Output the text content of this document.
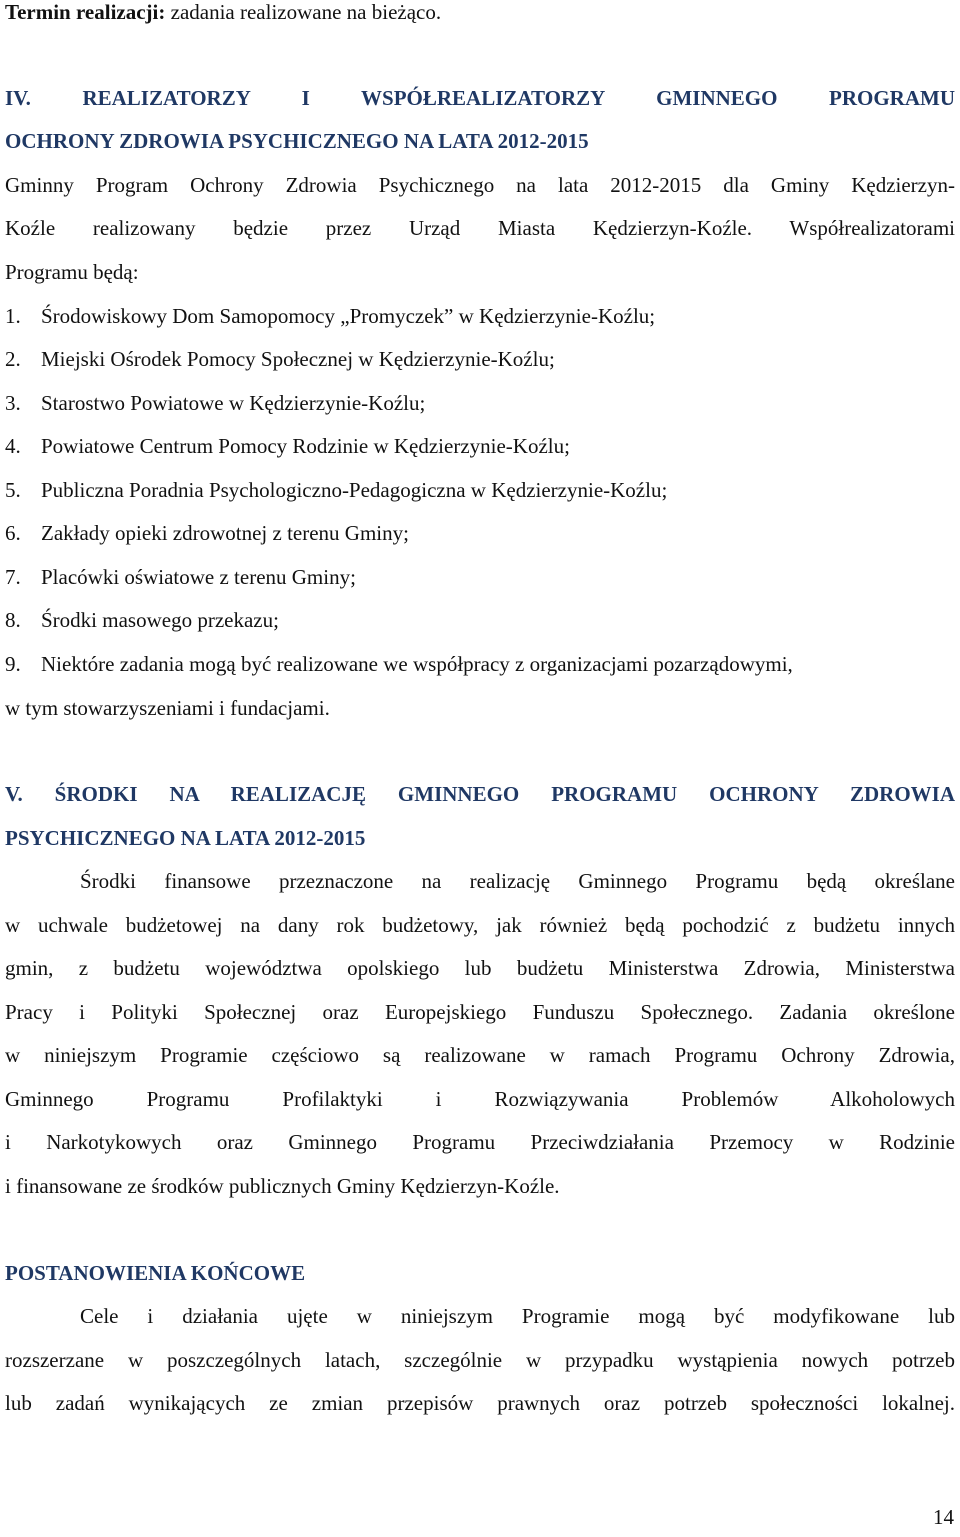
Termin realizacji: zadania realizowane na bieżąco.
IV. REALIZATORZY I WSPÓŁREALIZATORZY GMINNEGO PROGRAMU
OCHRONY ZDROWIA PSYCHICZNEGO NA LATA 2012-2015
Gminny Program Ochrony Zdrowia Psychicznego na lata 2012-2015 dla Gminy Kędzierzyn-
Koźle realizowany będzie przez Urząd Miasta Kędzierzyn-Koźle. Współrealizatorami
Programu będą:
1. Środowiskowy Dom Samopomocy „Promyczek” w Kędzierzynie-Koźlu;
2. Miejski Ośrodek Pomocy Społecznej w Kędzierzynie-Koźlu;
3. Starostwo Powiatowe w Kędzierzynie-Koźlu;
4. Powiatowe Centrum Pomocy Rodzinie w Kędzierzynie-Koźlu;
5. Publiczna Poradnia Psychologiczno-Pedagogiczna w Kędzierzynie-Koźlu;
6. Zakłady opieki zdrowotnej z terenu Gminy;
7. Placówki oświatowe z terenu Gminy;
8. Środki masowego przekazu;
9. Niektóre zadania mogą być realizowane we współpracy z organizacjami pozarządowymi,
w tym stowarzyszeniami i fundacjami.
V. ŚRODKI NA REALIZACJĘ GMINNEGO PROGRAMU OCHRONY ZDROWIA
PSYCHICZNEGO NA LATA 2012-2015
Środki finansowe przeznaczone na realizację Gminnego Programu będą określane
w uchwale budżetowej na dany rok budżetowy, jak również będą pochodzić z budżetu innych
gmin, z budżetu województwa opolskiego lub budżetu Ministerstwa Zdrowia, Ministerstwa
Pracy i Polityki Społecznej oraz Europejskiego Funduszu Społecznego. Zadania określone
w niniejszym Programie częściowo są realizowane w ramach Programu Ochrony Zdrowia,
Gminnego Programu Profilaktyki i Rozwiązywania Problemów Alkoholowych
i Narkotykowych oraz Gminnego Programu Przeciwdziałania Przemocy w Rodzinie
i finansowane ze środków publicznych Gminy Kędzierzyn-Koźle.
POSTANOWIENIA KOŃCOWE
Cele i działania ujęte w niniejszym Programie mogą być modyfikowane lub
rozszerzane w poszczególnych latach, szczególnie w przypadku wystąpienia nowych potrzeb
lub zadań wynikających ze zmian przepisów prawnych oraz potrzeb społeczności lokalnej.
14
